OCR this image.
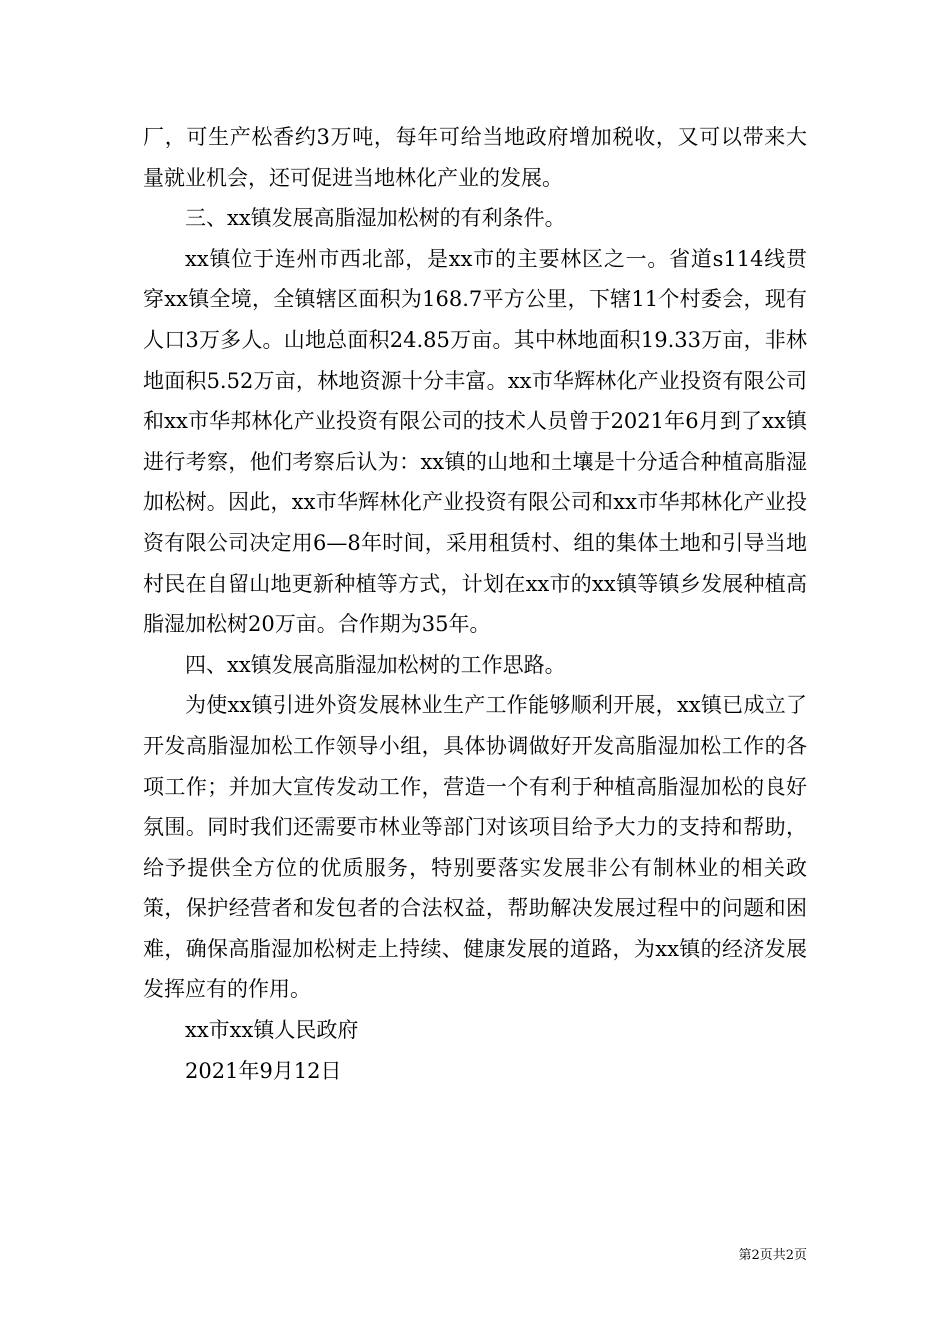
厂，可生产松香约3万吨，每年可给当地政府增加税收，又可以带来大量就业机会，还可促进当地林化产业的发展。

三、xx镇发展高脂湿加松树的有利条件。

xx镇位于连州市西北部，是xx市的主要林区之一。省道s114线贯穿xx镇全境，全镇辖区面积为168.7平方公里，下辖11个村委会，现有人口3万多人。山地总面积24.85万亩。其中林地面积19.33万亩，非林地面积5.52万亩，林地资源十分丰富。xx市华辉林化产业投资有限公司和xx市华邦林化产业投资有限公司的技术人员曾于2021年6月到了xx镇进行考察，他们考察后认为：xx镇的山地和土壤是十分适合种植高脂湿加松树。因此，xx市华辉林化产业投资有限公司和xx市华邦林化产业投资有限公司决定用6—8年时间，采用租赁村、组的集体土地和引导当地村民在自留山地更新种植等方式，计划在xx市的xx镇等镇乡发展种植高脂湿加松树20万亩。合作期为35年。

四、xx镇发展高脂湿加松树的工作思路。

为使xx镇引进外资发展林业生产工作能够顺利开展，xx镇已成立了开发高脂湿加松工作领导小组，具体协调做好开发高脂湿加松工作的各项工作；并加大宣传发动工作，营造一个有利于种植高脂湿加松的良好氛围。同时我们还需要市林业等部门对该项目给予大力的支持和帮助，给予提供全方位的优质服务，特别要落实发展非公有制林业的相关政策，保护经营者和发包者的合法权益，帮助解决发展过程中的问题和困难，确保高脂湿加松树走上持续、健康发展的道路，为xx镇的经济发展发挥应有的作用。

xx市xx镇人民政府

2021年9月12日

第2页共2页
